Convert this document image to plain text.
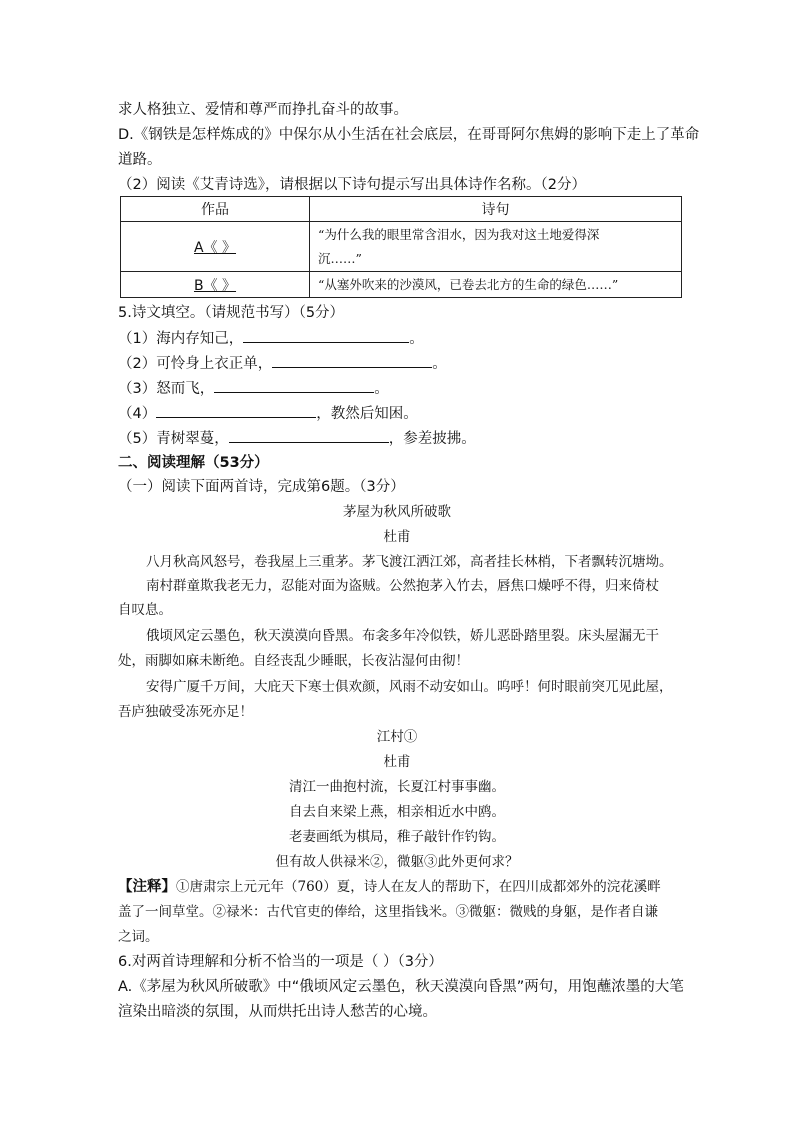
求人格独立、爱情和尊严而挣扎奋斗的故事。
D.《钢铁是怎样炼成的》中保尔从小生活在社会底层，在哥哥阿尔焦姆的影响下走上了革命
道路。
（2）阅读《艾青诗选》，请根据以下诗句提示写出具体诗作名称。（2分）
作品	诗句
A《 》	“为什么我的眼里常含泪水，因为我对这土地爱得深
沉……”

B《 》	“从塞外吹来的沙漠风，已卷去北方的生命的绿色……”
5.诗文填空。（请规范书写）（5分）
（1）海内存知己，	。
（2）可怜身上衣正单，	。
（3）怒而飞，	。
（4）	，教然后知困。
（5）青树翠蔓，	，参差披拂。
二、阅读理解（53分）
（一）阅读下面两首诗，完成第6题。（3分）
茅屋为秋风所破歌
杜甫
八月秋高风怒号，卷我屋上三重茅。茅飞渡江洒江郊，高者挂长林梢，下者飘转沉塘坳。
南村群童欺我老无力，忍能对面为盗贼。公然抱茅入竹去，唇焦口燥呼不得，归来倚杖
自叹息。
俄顷风定云墨色，秋天漠漠向昏黑。布衾多年冷似铁，娇儿恶卧踏里裂。床头屋漏无干
处，雨脚如麻未断绝。自经丧乱少睡眠，长夜沾湿何由彻！
安得广厦千万间，大庇天下寒士俱欢颜，风雨不动安如山。呜呼！何时眼前突兀见此屋，
吾庐独破受冻死亦足！
江村①
杜甫
清江一曲抱村流，长夏江村事事幽。
自去自来梁上燕，相亲相近水中鸥。
老妻画纸为棋局，稚子敲针作钓钩。
但有故人供禄米②，微躯③此外更何求？
【注释】①唐肃宗上元元年（760）夏，诗人在友人的帮助下，在四川成都郊外的浣花溪畔
盖了一间草堂。②禄米：古代官吏的俸给，这里指钱米。③微躯：微贱的身躯，是作者自谦
之词。
6.对两首诗理解和分析不恰当的一项是（ ）（3分）
A.《茅屋为秋风所破歌》中“俄顷风定云墨色，秋天漠漠向昏黑”两句，用饱蘸浓墨的大笔
渲染出暗淡的氛围，从而烘托出诗人愁苦的心境。
